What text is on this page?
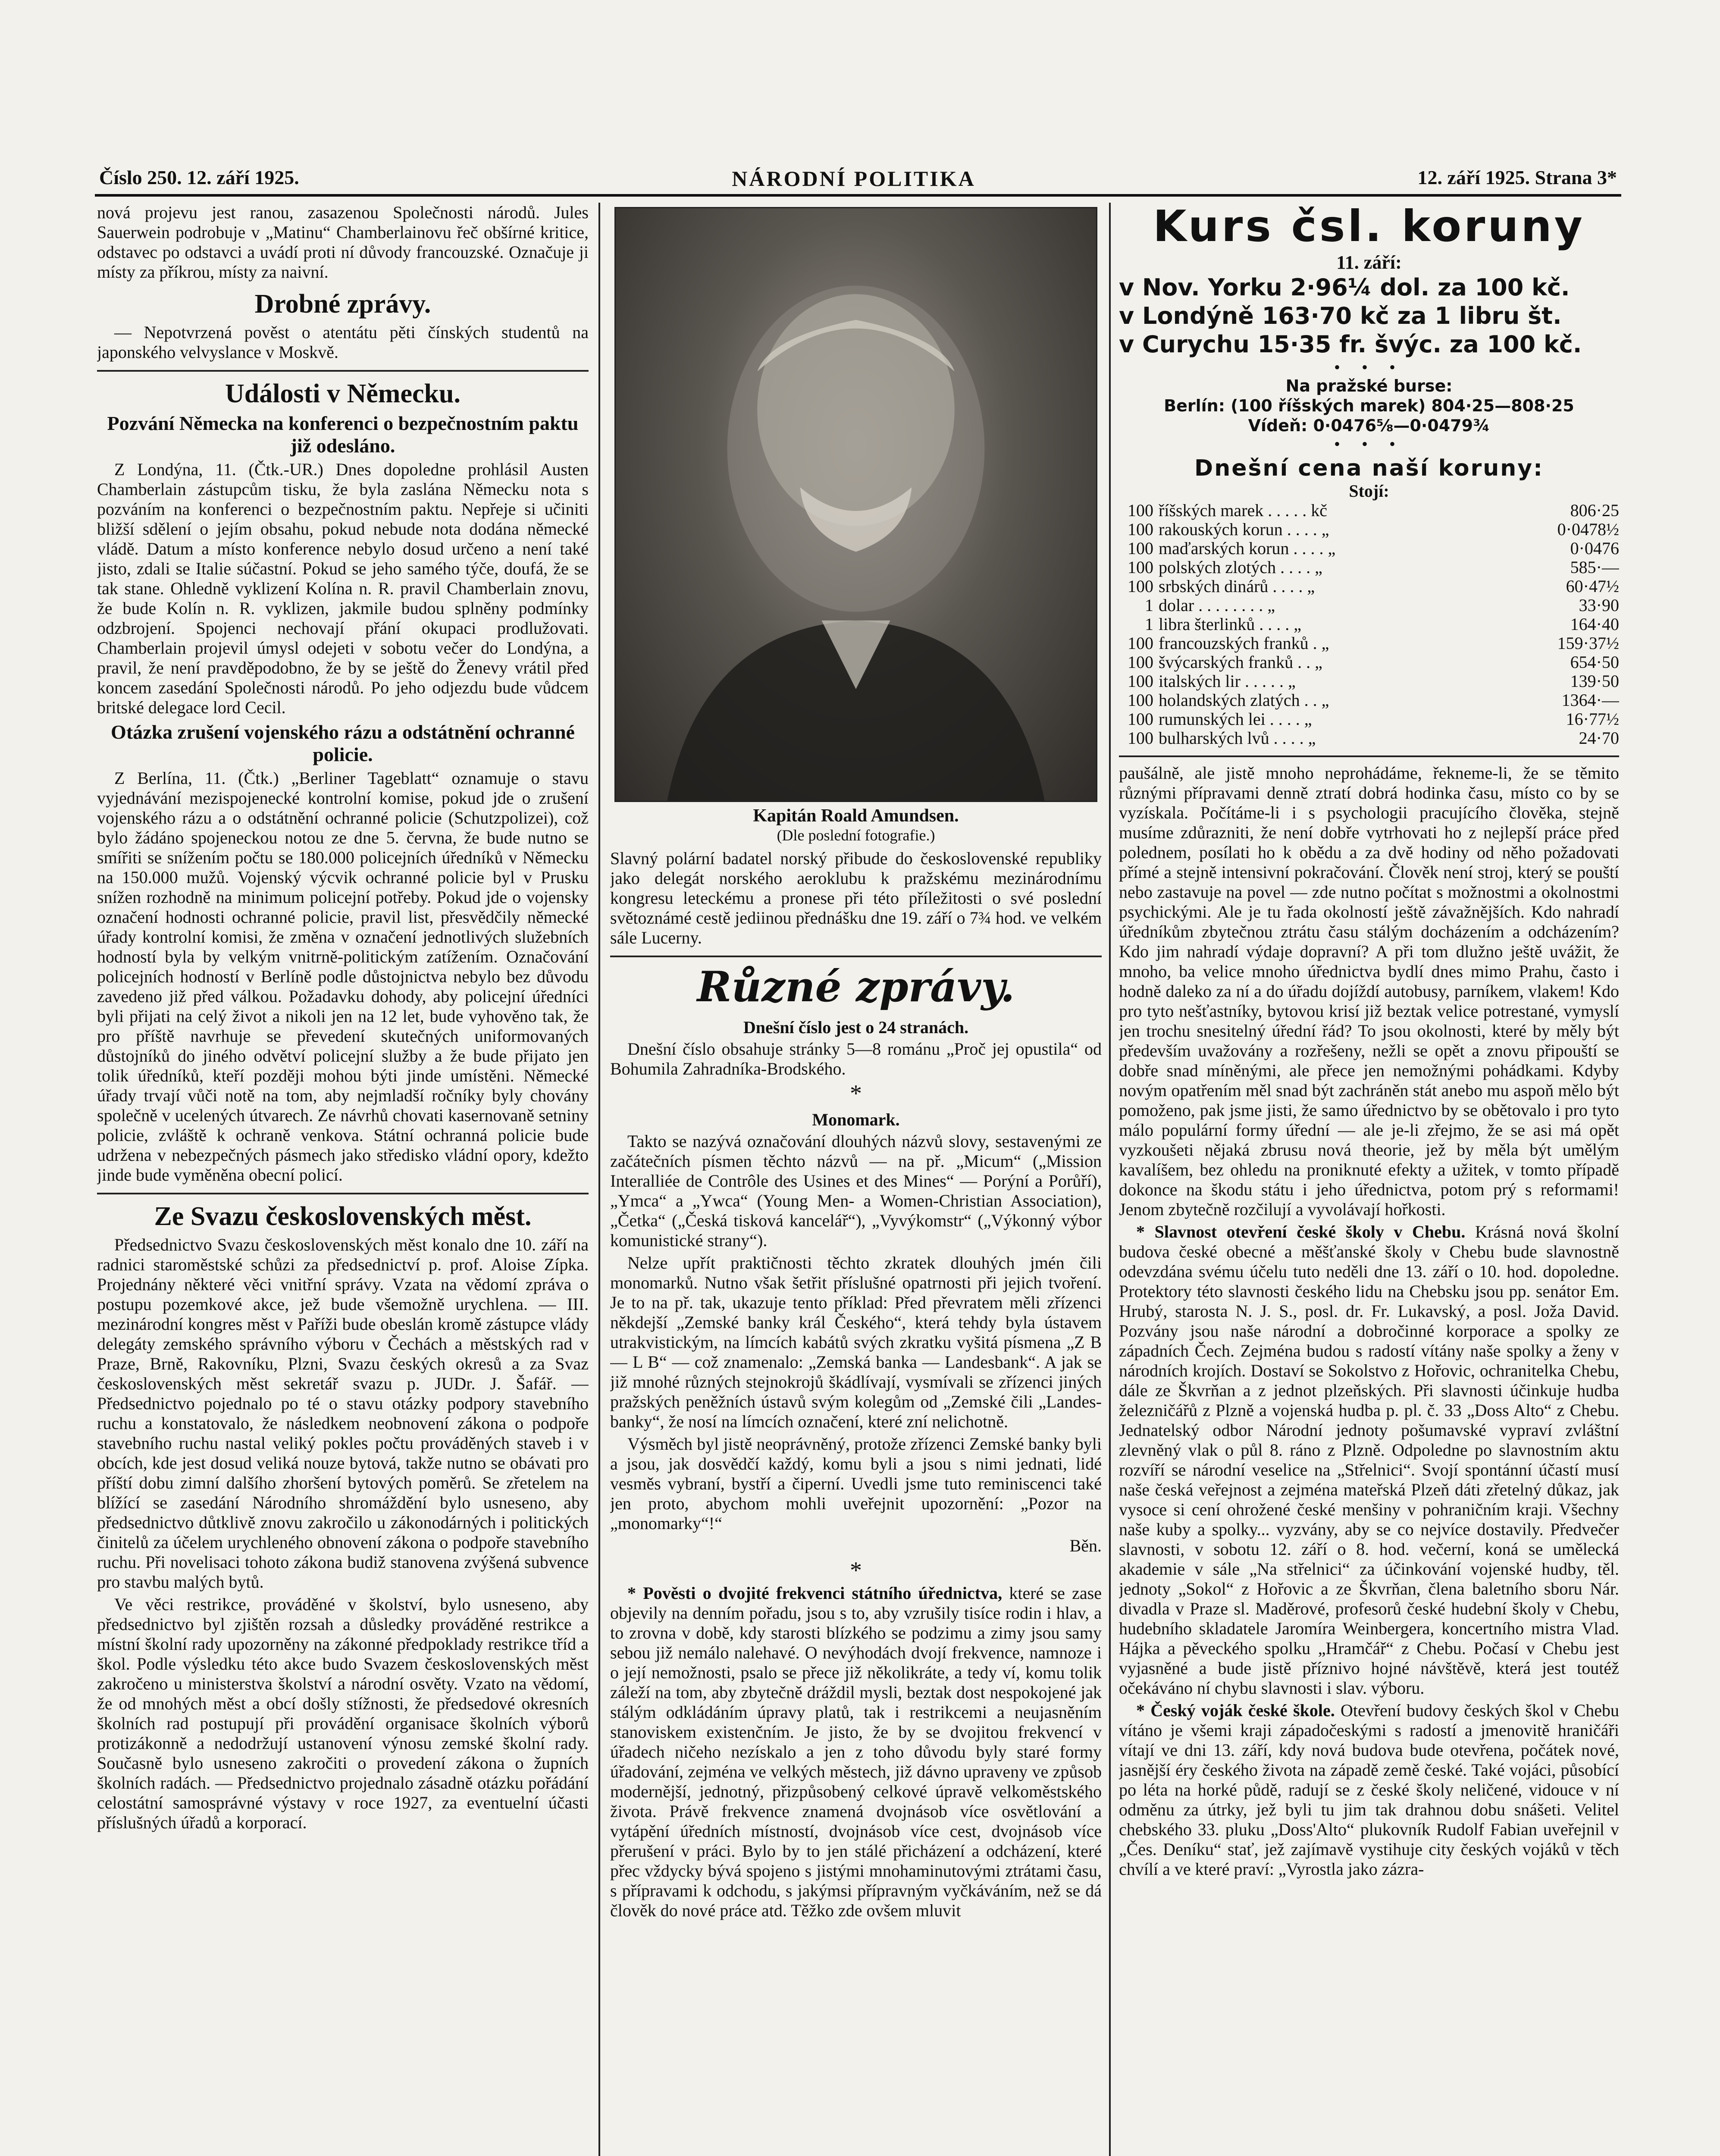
Číslo 250. 12. září 1925.	NÁRODNÍ POLITIKA	12. září 1925. Strana 3*

nová projevu jest ranou, zasazenou Společnosti národů. Jules Sauerwein podrobuje v „Matinu“ Chamberlainovu řeč obšírné kritice, odstavec po odstavci a uvádí proti ní důvody francouzské. Označuje ji místy za příkrou, místy za naivní.

Drobné zprávy.

— Nepotvrzená pověst o atentátu pěti čínských studentů na japonského velvyslance v Moskvě.

Události v Německu.
Pozvání Německa na konferenci o bezpečnostním paktu již odesláno.

Z Londýna, 11. (Čtk.-UR.) Dnes dopoledne prohlásil Austen Chamberlain zástupcům tisku, že byla zaslána Německu nota s pozváním na konferenci o bezpečnostním paktu. Nepřeje si učiniti bližší sdělení o jejím obsahu, pokud nebude nota dodána německé vládě. Datum a místo konference nebylo dosud určeno a není také jisto, zdali se Italie súčastní. Pokud se jeho samého týče, doufá, že se tak stane. Ohledně vyklizení Kolína n. R. pravil Chamberlain znovu, že bude Kolín n. R. vyklizen, jakmile budou splněny podmínky odzbrojení. Spojenci nechovají přání okupaci prodlužovati. Chamberlain projevil úmysl odejeti v sobotu večer do Londýna, a pravil, že není pravděpodobno, že by se ještě do Ženevy vrátil před koncem zasedání Společnosti národů. Po jeho odjezdu bude vůdcem britské delegace lord Cecil.

Otázka zrušení vojenského rázu a odstátnění ochranné policie.

Z Berlína, 11. (Čtk.) „Berliner Tageblatt“ oznamuje o stavu vyjednávání mezispojenecké kontrolní komise, pokud jde o zrušení vojenského rázu a o odstátnění ochranné policie (Schutzpolizei), což bylo žádáno spojeneckou notou ze dne 5. června, že bude nutno se smířiti se snížením počtu se 180.000 policejních úředníků v Německu na 150.000 mužů. Vojenský výcvik ochranné policie byl v Prusku snížen rozhodně na minimum policejní potřeby. Pokud jde o vojensky označení hodnosti ochranné policie, pravil list, přesvědčily německé úřady kontrolní komisi, že změna v označení jednotlivých služebních hodností byla by velkým vnitrně-politickým zatížením. Označování policejních hodností v Berlíně podle důstojnictva nebylo bez důvodu zavedeno již před válkou. Požadavku dohody, aby policejní úředníci byli přijati na celý život a nikoli jen na 12 let, bude vyhověno tak, že pro příště navrhuje se převedení skutečných uniformovaných důstojníků do jiného odvětví policejní služby a že bude přijato jen tolik úředníků, kteří později mohou býti jinde umístěni. Německé úřady trvají vůči notě na tom, aby nejmladší ročníky byly chovány společně v ucelených útvarech. Ze návrhů chovati kasernovaně setniny policie, zvláště k ochraně venkova. Státní ochranná policie bude udržena v nebezpečných pásmech jako středisko vládní opory, kdežto jinde bude vyměněna obecní policí.

Ze Svazu československých měst.

Předsednictvo Svazu československých měst konalo dne 10. září na radnici staroměstské schůzi za předsednictví p. prof. Aloise Zípka. Projednány některé věci vnitřní správy. Vzata na vědomí zpráva o postupu pozemkové akce, jež bude všemožně urychlena. — III. mezinárodní kongres měst v Paříži bude obeslán kromě zástupce vlády delegáty zemského správního výboru v Čechách a městských rad v Praze, Brně, Rakovníku, Plzni, Svazu českých okresů a za Svaz československých měst sekretář svazu p. JUDr. J. Šafář. — Předsednictvo pojednalo po té o stavu otázky podpory stavebního ruchu a konstatovalo, že následkem neobnovení zákona o podpoře stavebního ruchu nastal veliký pokles počtu prováděných staveb i v obcích, kde jest dosud veliká nouze bytová, takže nutno se obávati pro příští dobu zimní dalšího zhoršení bytových poměrů. Se zřetelem na blížící se zasedání Národního shromáždění bylo usneseno, aby předsednictvo důtklivě znovu zakročilo u zákonodárných i politických činitelů za účelem urychleného obnovení zákona o podpoře stavebního ruchu. Při novelisaci tohoto zákona budiž stanovena zvýšená subvence pro stavbu malých bytů.

Ve věci restrikce, prováděné v školství, bylo usneseno, aby předsednictvo byl zjištěn rozsah a důsledky prováděné restrikce a místní školní rady upozorněny na zákonné předpoklady restrikce tříd a škol. Podle výsledku této akce budo Svazem československých měst zakročeno u ministerstva školství a národní osvěty. Vzato na vědomí, že od mnohých měst a obcí došly stížnosti, že předsedové okresních školních rad postupují při provádění organisace školních výborů protizákonně a nedodržují ustanovení výnosu zemské školní rady. Současně bylo usneseno zakročiti o provedení zákona o župních školních radách. — Předsednictvo projednalo zásadně otázku pořádání celostátní samosprávné výstavy v roce 1927, za eventuelní účasti příslušných úřadů a korporací.

Kapitán Roald Amundsen.
(Dle poslední fotografie.)

Slavný polární badatel norský přibude do československé republiky jako delegát norského aeroklubu k pražskému mezinárodnímu kongresu leteckému a pronese při této příležitosti o své poslední světoznámé cestě jediinou přednášku dne 19. září o 7¾ hod. ve velkém sále Lucerny.

Různé zprávy.
Dnešní číslo jest o 24 stranách.

Dnešní číslo obsahuje stránky 5—8 románu „Proč jej opustila“ od Bohumila Zahradníka-Brodského.

*
Monomark.

Takto se nazývá označování dlouhých názvů slovy, sestavenými ze začátečních písmen těchto názvů — na př. „Micum“ („Mission Interalliée de Contrôle des Usines et des Mines“ — Porýní a Porůří), „Ymca“ a „Ywca“ (Young Men- a Women-Christian Association), „Četka“ („Česká tisková kancelář“), „Vyvýkomstr“ („Výkonný výbor komunistické strany“).

Nelze upřít praktičnosti těchto zkratek dlouhých jmén čili monomarků. Nutno však šetřit příslušné opatrnosti při jejich tvoření. Je to na př. tak, ukazuje tento příklad: Před převratem měli zřízenci někdejší „Zemské banky král Českého“, která tehdy byla ústavem utrakvistickým, na límcích kabátů svých zkratku vyšitá písmena „Z B — L B“ — což znamenalo: „Zemská banka — Landesbank“. A jak se již mnohé různých stejnokrojů škádlívají, vysmívali se zřízenci jiných pražských peněžních ústavů svým kolegům od „Zemské čili „Landes-banky“, že nosí na límcích označení, které zní nelichotně.

Výsměch byl jistě neoprávněný, protože zřízenci Zemské banky byli a jsou, jak dosvědčí každý, komu byli a jsou s nimi jednati, lidé vesměs vybraní, bystří a čiperní. Uvedli jsme tuto reminiscenci také jen proto, abychom mohli uveřejnit upozornění: „Pozor na „monomarky“!“

Běn.

*

* Pověsti o dvojité frekvenci státního úřednictva, které se zase objevily na denním pořadu, jsou s to, aby vzrušily tisíce rodin i hlav, a to zrovna v době, kdy starosti blízkého se podzimu a zimy jsou samy sebou již nemálo nalehavé. O nevýhodách dvojí frekvence, namnoze i o její nemožnosti, psalo se přece již několikráte, a tedy ví, komu tolik záleží na tom, aby zbytečně dráždil mysli, beztak dost nespokojené jak stálým odkládáním úpravy platů, tak i restrikcemi a neujasněním stanoviskem existenčním. Je jisto, že by se dvojitou frekvencí v úřadech ničeho nezískalo a jen z toho důvodu byly staré formy úřadování, zejména ve velkých městech, již dávno upraveny ve způsob modernější, jednotný, přizpůsobený celkové úpravě velkoměstského života. Právě frekvence znamená dvojnásob více osvětlování a vytápění úředních místností, dvojnásob více cest, dvojnásob více přerušení v práci. Bylo by to jen stálé přicházení a odcházení, které přec vždycky bývá spojeno s jistými mnohaminutovými ztrátami času, s přípravami k odchodu, s jakýmsi přípravným vyčkáváním, než se dá člověk do nové práce atd. Těžko zde ovšem mluvit

Kurs čsl. koruny
11. září:
v Nov. Yorku 2·96¼ dol. za 100 kč.
v Londýně 163·70 kč za 1 libru št.
v Curychu 15·35 fr. švýc. za 100 kč.
• • •
Na pražské burse:
Berlín: (100 říšských marek) 804·25—808·25
Vídeň: 0·0476⅝—0·0479¾
• • •
Dnešní cena naší koruny:
Stojí:
100	říšských marek . . . . . kč	806·25
100	rakouských korun . . . . „	0·0478½
100	maďarských korun . . . . „	0·0476
100	polských zlotých . . . . „	585·—
100	srbských dinárů . . . . „	60·47½
1	dolar . . . . . . . . „	33·90
1	libra šterlinků . . . . „	164·40
100	francouzských franků . „	159·37½
100	švýcarských franků . . „	654·50
100	italských lir . . . . . „	139·50
100	holandských zlatých . . „	1364·—
100	rumunských lei . . . . „	16·77½
100	bulharských lvů . . . . „	24·70

paušálně, ale jistě mnoho neprohádáme, řekneme-li, že se těmito různými přípravami denně ztratí dobrá hodinka času, místo co by se vyzískala. Počítáme-li i s psychologii pracujícího člověka, stejně musíme zdůrazniti, že není dobře vytrhovati ho z nejlepší práce před polednem, posílati ho k obědu a za dvě hodiny od něho požadovati přímé a stejně intensivní pokračování. Člověk není stroj, který se pouští nebo zastavuje na povel — zde nutno počítat s možnostmi a okolnostmi psychickými. Ale je tu řada okolností ještě závažnějších. Kdo nahradí úředníkům zbytečnou ztrátu času stálým docházením a odcházením? Kdo jim nahradí výdaje dopravní? A při tom dlužno ještě uvážit, že mnoho, ba velice mnoho úřednictva bydlí dnes mimo Prahu, často i hodně daleko za ní a do úřadu dojíždí autobusy, parníkem, vlakem! Kdo pro tyto nešťastníky, bytovou krisí již beztak velice potrestané, vymyslí jen trochu snesitelný úřední řád? To jsou okolnosti, které by měly být především uvažovány a rozřešeny, nežli se opět a znovu připouští se dobře snad míněnými, ale přece jen nemožnými pohádkami. Kdyby novým opatřením měl snad být zachráněn stát anebo mu aspoň mělo být pomoženo, pak jsme jisti, že samo úřednictvo by se obětovalo i pro tyto málo populární formy úřední — ale je-li zřejmo, že se asi má opět vyzkoušeti nějaká zbrusu nová theorie, jež by měla být umělým kavalíšem, bez ohledu na proniknuté efekty a užitek, v tomto případě dokonce na škodu státu i jeho úřednictva, potom prý s reformami! Jenom zbytečně rozčilují a vyvolávají hořkosti.

* Slavnost otevření české školy v Chebu. Krásná nová školní budova české obecné a měšťanské školy v Chebu bude slavnostně odevzdána svému účelu tuto neděli dne 13. září o 10. hod. dopoledne. Protektory této slavnosti českého lidu na Chebsku jsou pp. senátor Em. Hrubý, starosta N. J. S., posl. dr. Fr. Lukavský, a posl. Joža David. Pozvány jsou naše národní a dobročinné korporace a spolky ze západních Čech. Zejména budou s radostí vítány naše spolky a ženy v národních krojích. Dostaví se Sokolstvo z Hořovic, ochranitelka Chebu, dále ze Škvrňan a z jednot plzeňských. Při slavnosti účinkuje hudba železničářů z Plzně a vojenská hudba p. pl. č. 33 „Doss Alto“ z Chebu. Jednatelský odbor Národní jednoty pošumavské vypraví zvláštní zlevněný vlak o půl 8. ráno z Plzně. Odpoledne po slavnostním aktu rozvíří se národní veselice na „Střelnici“. Svojí spontánní účastí musí naše česká veřejnost a zejména mateřská Plzeň dáti zřetelný důkaz, jak vysoce si cení ohrožené české menšiny v pohraničním kraji. Všechny naše kuby a spolky... vyzvány, aby se co nejvíce dostavily. Předvečer slavnosti, v sobotu 12. září o 8. hod. večerní, koná se umělecká akademie v sále „Na střelnici“ za účinkování vojenské hudby, těl. jednoty „Sokol“ z Hořovic a ze Škvrňan, člena baletního sboru Nár. divadla v Praze sl. Maděrové, profesorů české hudební školy v Chebu, hudebního skladatele Jaromíra Weinbergera, koncertního mistra Vlad. Hájka a pěveckého spolku „Hramčář“ z Chebu. Počasí v Chebu jest vyjasněné a bude jistě příznivo hojné návštěvě, která jest toutéž očekáváno ní chybu slavnosti i slav. výboru.

* Český voják české škole. Otevření budovy českých škol v Chebu vítáno je všemi kraji západočeskými s radostí a jmenovitě hraničáři vítají ve dni 13. září, kdy nová budova bude otevřena, počátek nové, jasnější éry českého života na západě země české. Také vojáci, působící po léta na horké půdě, radují se z české školy neličené, vidouce v ní odměnu za útrky, jež byli tu jim tak drahnou dobu snášeti. Velitel chebského 33. pluku „Doss'Alto“ plukovník Rudolf Fabian uveřejnil v „Čes. Deníku“ stať, jež zajímavě vystihuje city českých vojáků v těch chvílí a ve které praví: „Vyrostla jako zázra-
